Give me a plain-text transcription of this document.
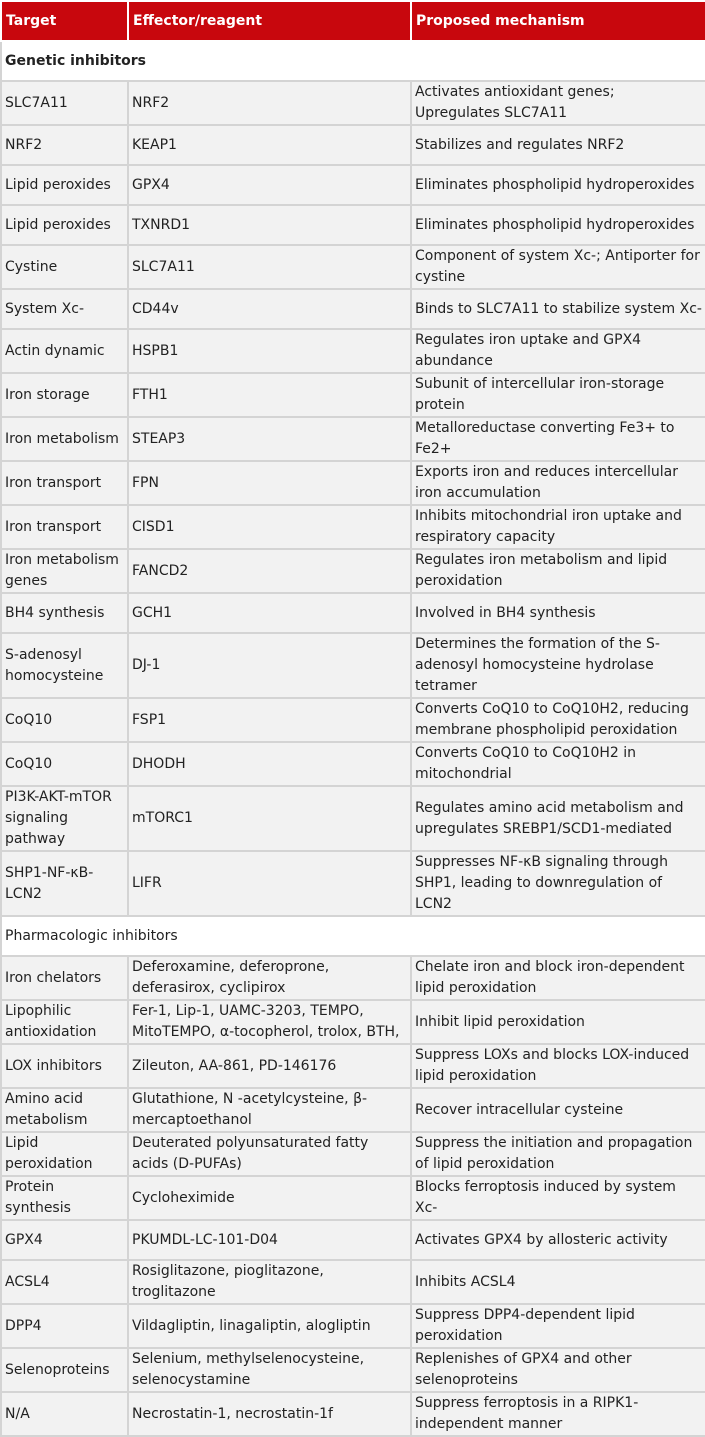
Target	Effector/reagent	Proposed mechanism
Genetic inhibitors		
SLC7A11	NRF2	Activates antioxidant genes; Upregulates SLC7A11
NRF2	KEAP1	Stabilizes and regulates NRF2
Lipid peroxides	GPX4	Eliminates phospholipid hydroperoxides
Lipid peroxides	TXNRD1	Eliminates phospholipid hydroperoxides
Cystine	SLC7A11	Component of system Xc-; Antiporter for cystine
System Xc-	CD44v	Binds to SLC7A11 to stabilize system Xc-
Actin dynamic	HSPB1	Regulates iron uptake and GPX4 abundance
Iron storage	FTH1	Subunit of intercellular iron-storage protein
Iron metabolism	STEAP3	Metalloreductase converting Fe3+ to Fe2+
Iron transport	FPN	Exports iron and reduces intercellular iron accumulation
Iron transport	CISD1	Inhibits mitochondrial iron uptake and respiratory capacity
Iron metabolism genes	FANCD2	Regulates iron metabolism and lipid peroxidation
BH4 synthesis	GCH1	Involved in BH4 synthesis
S-adenosyl homocysteine	DJ-1	Determines the formation of the S-adenosyl homocysteine hydrolase tetramer
CoQ10	FSP1	Converts CoQ10 to CoQ10H2, reducing membrane phospholipid peroxidation
CoQ10	DHODH	Converts CoQ10 to CoQ10H2 in mitochondrial
PI3K-AKT-mTOR signaling pathway	mTORC1	Regulates amino acid metabolism and upregulates SREBP1/SCD1-mediated
SHP1-NF-κB-LCN2	LIFR	Suppresses NF-κB signaling through SHP1, leading to downregulation of LCN2
Pharmacologic inhibitors		
Iron chelators	Deferoxamine, deferoprone, deferasirox, cyclipirox	Chelate iron and block iron-dependent lipid peroxidation
Lipophilic antioxidation	Fer-1, Lip-1, UAMC-3203, TEMPO, MitoTEMPO, α-tocopherol, trolox, BTH,	Inhibit lipid peroxidation
LOX inhibitors	Zileuton, AA-861, PD-146176	Suppress LOXs and blocks LOX-induced lipid peroxidation
Amino acid metabolism	Glutathione, N -acetylcysteine, β-mercaptoethanol	Recover intracellular cysteine
Lipid peroxidation	Deuterated polyunsaturated fatty acids (D-PUFAs)	Suppress the initiation and propagation of lipid peroxidation
Protein synthesis	Cycloheximide	Blocks ferroptosis induced by system Xc-
GPX4	PKUMDL-LC-101-D04	Activates GPX4 by allosteric activity
ACSL4	Rosiglitazone, pioglitazone, troglitazone	Inhibits ACSL4
DPP4	Vildagliptin, linagaliptin, alogliptin	Suppress DPP4-dependent lipid peroxidation
Selenoproteins	Selenium, methylselenocysteine, selenocystamine	Replenishes of GPX4 and other selenoproteins
N/A	Necrostatin-1, necrostatin-1f	Suppress ferroptosis in a RIPK1-independent manner
